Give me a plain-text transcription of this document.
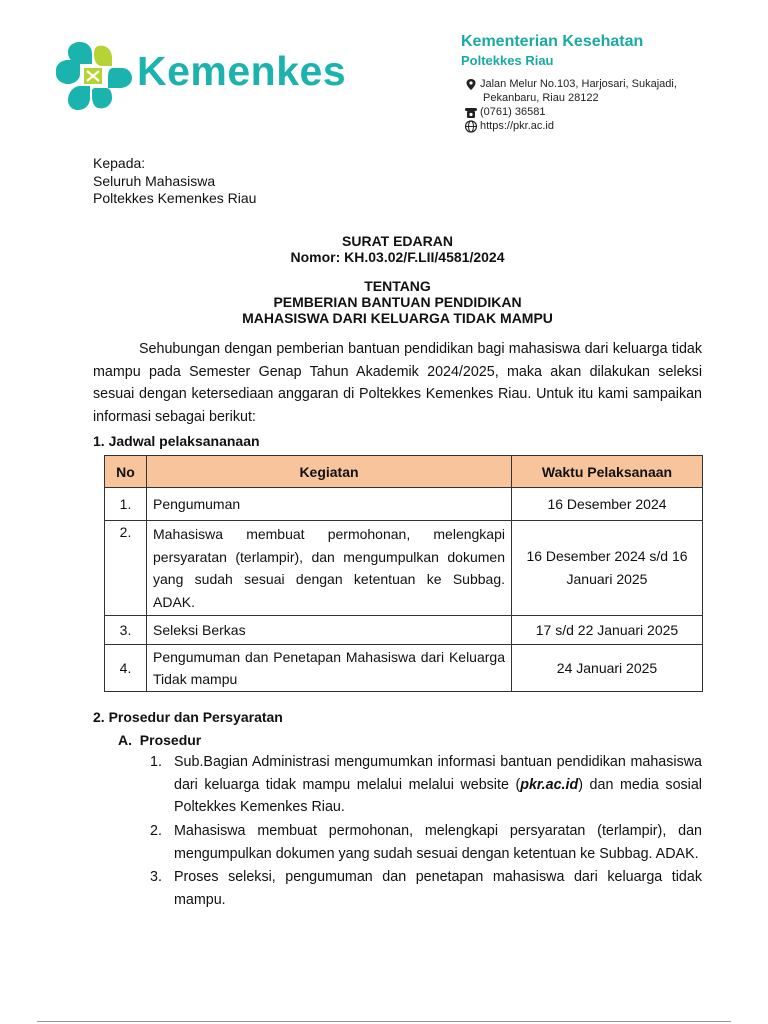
Kemenkes
Kementerian Kesehatan
Poltekkes Riau
Jalan Melur No.103, Harjosari, Sukajadi,
Pekanbaru, Riau 28122
(0761) 36581
https://pkr.ac.id
Kepada:
Seluruh Mahasiswa
Poltekkes Kemenkes Riau
SURAT EDARAN
Nomor: KH.03.02/F.LII/4581/2024
TENTANG
PEMBERIAN BANTUAN PENDIDIKAN
MAHASISWA DARI KELUARGA TIDAK MAMPU
Sehubungan dengan pemberian bantuan pendidikan bagi mahasiswa dari keluarga tidak mampu pada Semester Genap Tahun Akademik 2024/2025, maka akan dilakukan seleksi sesuai dengan ketersediaan anggaran di Poltekkes Kemenkes Riau. Untuk itu kami sampaikan informasi sebagai berikut:
1. Jadwal pelaksananaan
No	Kegiatan	Waktu Pelaksanaan
1.	Pengumuman	16 Desember 2024
2.	Mahasiswa membuat permohonan, melengkapi persyaratan (terlampir), dan mengumpulkan dokumen yang sudah sesuai dengan ketentuan ke Subbag. ADAK.	16 Desember 2024 s/d 16 Januari 2025
3.	Seleksi Berkas	17 s/d 22 Januari 2025
4.	Pengumuman dan Penetapan Mahasiswa dari Keluarga Tidak mampu	24 Januari 2025
2. Prosedur dan Persyaratan
A.  Prosedur
1. Sub.Bagian Administrasi mengumumkan informasi bantuan pendidikan mahasiswa dari keluarga tidak mampu melalui melalui website (pkr.ac.id) dan media sosial Poltekkes Kemenkes Riau.
2. Mahasiswa membuat permohonan, melengkapi persyaratan (terlampir), dan mengumpulkan dokumen yang sudah sesuai dengan ketentuan ke Subbag. ADAK.
3. Proses seleksi, pengumuman dan penetapan mahasiswa dari keluarga tidak mampu.
